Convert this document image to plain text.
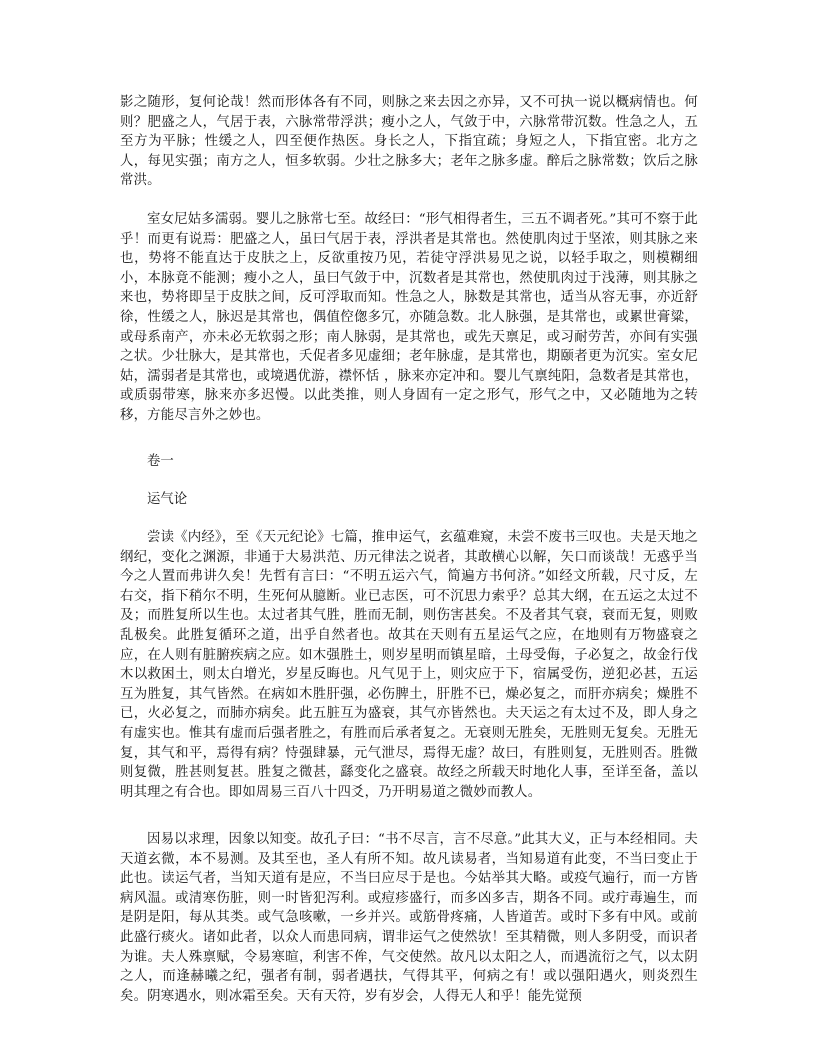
影之随形，复何论哉！然而形体各有不同，则脉之来去因之亦异，又不可执一说以概病情也。何则？肥盛之人，气居于表，六脉常带浮洪；瘦小之人，气敛于中，六脉常带沉数。性急之人，五至方为平脉；性缓之人，四至便作热医。身长之人，下指宜疏；身短之人，下指宜密。北方之人，每见实强；南方之人，恒多软弱。少壮之脉多大；老年之脉多虚。醉后之脉常数；饮后之脉常洪。

室女尼姑多濡弱。婴儿之脉常七至。故经曰：“形气相得者生，三五不调者死。”其可不察于此乎！而更有说焉：肥盛之人，虽曰气居于表，浮洪者是其常也。然使肌肉过于坚浓，则其脉之来也，势将不能直达于皮肤之上，反欲重按乃见，若徒守浮洪易见之说，以轻手取之，则模糊细小，本脉竟不能测；瘦小之人，虽曰气敛于中，沉数者是其常也，然使肌肉过于浅薄，则其脉之来也，势将即呈于皮肤之间，反可浮取而知。性急之人，脉数是其常也，适当从容无事，亦近舒徐，性缓之人，脉迟是其常也，偶值倥偬多冗，亦随急数。北人脉强，是其常也，或累世膏粱，或母系南产，亦未必无软弱之形；南人脉弱，是其常也，或先天禀足，或习耐劳苦，亦间有实强之状。少壮脉大，是其常也，夭促者多见虚细；老年脉虚，是其常也，期颐者更为沉实。室女尼姑，濡弱者是其常也，或境遇优游，襟怀恬 ，脉来亦定冲和。婴儿气禀纯阳，急数者是其常也，或质弱带寒，脉来亦多迟慢。以此类推，则人身固有一定之形气，形气之中，又必随地为之转移，方能尽言外之妙也。

卷一
运气论

尝读《内经》，至《天元纪论》七篇，推申运气，玄蕴难窥，未尝不废书三叹也。夫是天地之纲纪，变化之渊源，非通于大易洪范、历元律法之说者，其敢横心以解，矢口而谈哉！无惑乎当今之人置而弗讲久矣！先哲有言曰：“不明五运六气，简遍方书何济。”如经文所载，尺寸反，左右交，指下稍尔不明，生死何从臆断。业已志医，可不沉思力索乎？总其大纲，在五运之太过不及；而胜复所以生也。太过者其气胜，胜而无制，则伤害甚矣。不及者其气衰，衰而无复，则败乱极矣。此胜复循环之道，出乎自然者也。故其在天则有五星运气之应，在地则有万物盛衰之应，在人则有脏腑疾病之应。如木强胜土，则岁星明而镇星暗，土母受侮，子必复之，故金行伐木以救困土，则太白增光，岁星反晦也。凡气见于上，则灾应于下，宿属受伤，逆犯必甚，五运互为胜复，其气皆然。在病如木胜肝强，必伤脾土，肝胜不已，燥必复之，而肝亦病矣；燥胜不已，火必复之，而肺亦病矣。此五脏互为盛衰，其气亦皆然也。夫天运之有太过不及，即人身之有虚实也。惟其有虚而后强者胜之，有胜而后承者复之。无衰则无胜矣，无胜则无复矣。无胜无复，其气和平，焉得有病？恃强肆暴，元气泄尽，焉得无虚？故曰，有胜则复，无胜则否。胜微则复微，胜甚则复甚。胜复之微甚，繇变化之盛衰。故经之所载天时地化人事，至详至备，盖以明其理之有合也。即如周易三百八十四爻，乃开明易道之微妙而教人。

因易以求理，因象以知变。故孔子曰：“书不尽言，言不尽意。”此其大义，正与本经相同。夫天道玄微，本不易测。及其至也，圣人有所不知。故凡读易者，当知易道有此变，不当曰变止于此也。读运气者，当知天道有是应，不当曰应尽于是也。今姑举其大略。或疫气遍行，而一方皆病风温。或清寒伤脏，则一时皆犯泻利。或痘疹盛行，而多凶多吉，期各不同。或疔毒遍生，而是阴是阳，每从其类。或气急咳嗽，一乡并兴。或筋骨疼痛，人皆道苦。或时下多有中风。或前此盛行痰火。诸如此者，以众人而患同病，谓非运气之使然欤！至其精微，则人多阴受，而识者为谁。夫人殊禀赋，令易寒暄，利害不侔，气交使然。故凡以太阳之人，而遇流衍之气，以太阴之人，而逢赫曦之纪，强者有制，弱者遇扶，气得其平，何病之有！或以强阳遇火，则炎烈生矣。阴寒遇水，则冰霜至矣。天有天符，岁有岁会，人得无人和乎！能先觉预
